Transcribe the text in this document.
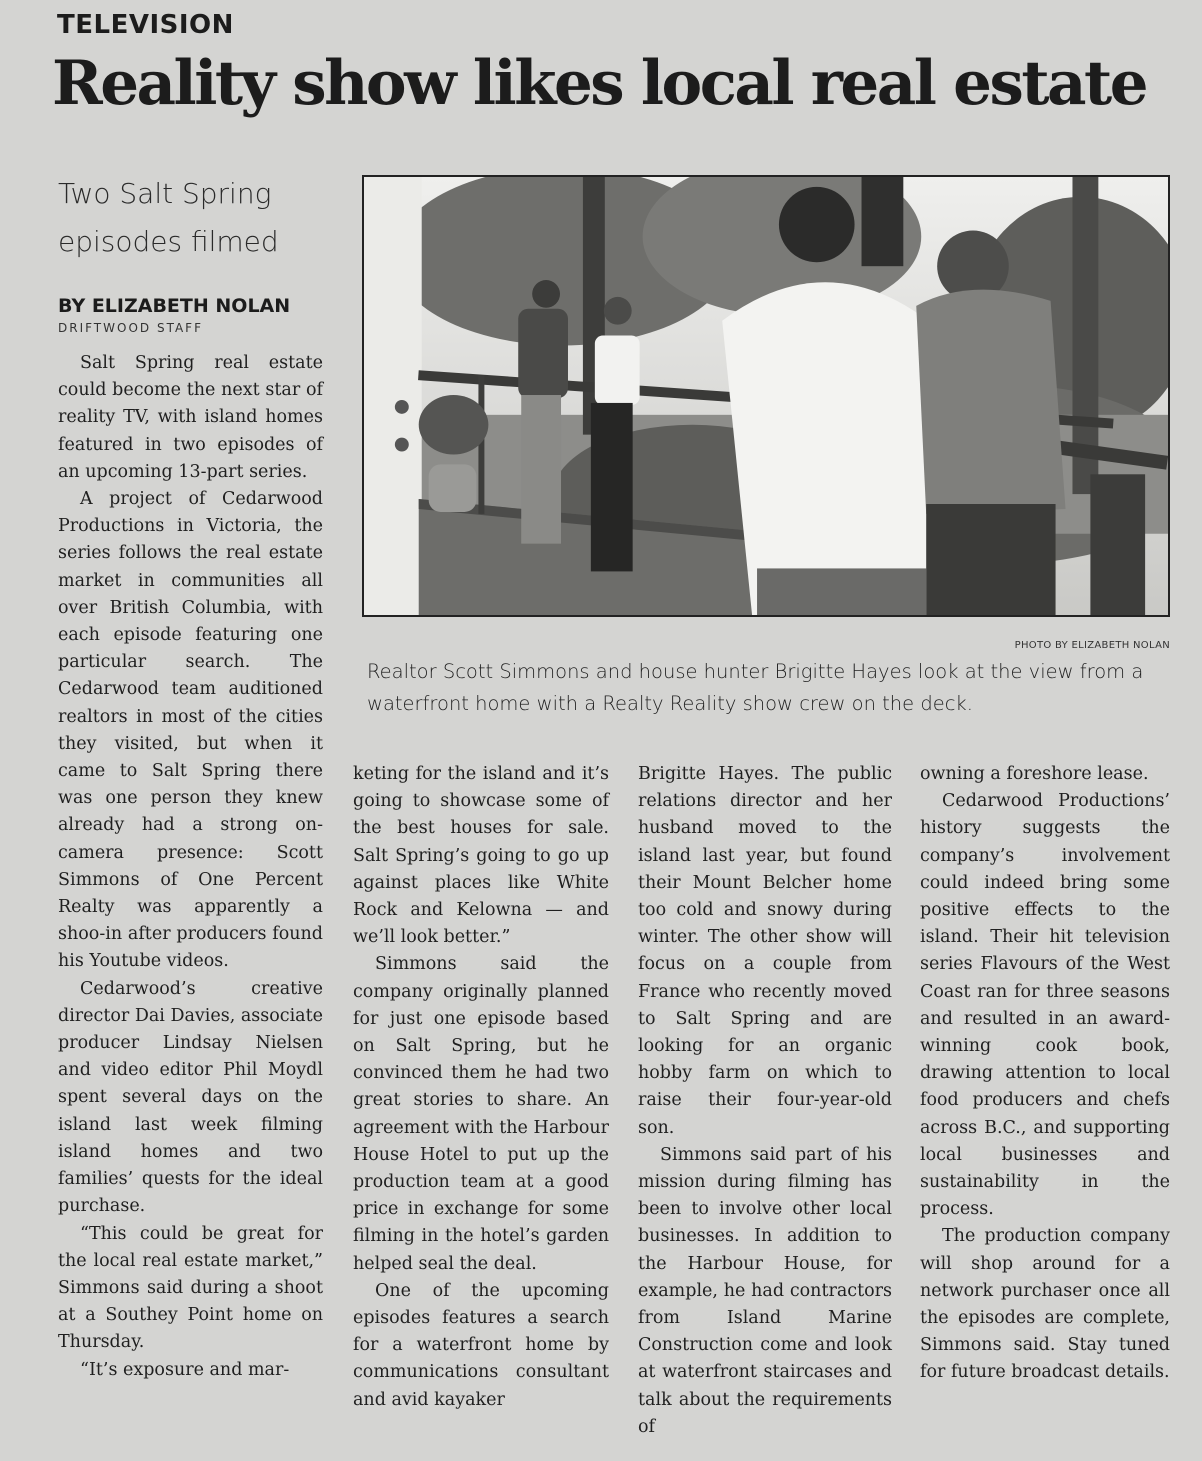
TELEVISION
Reality show likes local real estate

Two Salt Spring episodes filmed

BY ELIZABETH NOLAN
DRIFTWOOD STAFF
PHOTO BY ELIZABETH NOLAN

Realtor Scott Simmons and house hunter Brigitte Hayes look at the view from a waterfront home with a Realty Reality show crew on the deck.

Salt Spring real estate could become the next star of reality TV, with island homes featured in two episodes of an upcoming 13-part series.

A project of Cedarwood Productions in Victoria, the series follows the real estate market in communities all over British Columbia, with each episode featuring one particular search. The Cedarwood team auditioned realtors in most of the cities they visited, but when it came to Salt Spring there was one person they knew already had a strong on-camera presence: Scott Simmons of One Percent Realty was apparently a shoo-in after producers found his Youtube videos.

Cedarwood’s creative director Dai Davies, associate producer Lindsay Nielsen and video editor Phil Moydl spent several days on the island last week filming island homes and two families’ quests for the ideal purchase.

“This could be great for the local real estate market,” Simmons said during a shoot at a Southey Point home on Thursday.

“It’s exposure and mar-

keting for the island and it’s going to showcase some of the best houses for sale. Salt Spring’s going to go up against places like White Rock and Kelowna — and we’ll look better.”

Simmons said the company originally planned for just one episode based on Salt Spring, but he convinced them he had two great stories to share. An agreement with the Harbour House Hotel to put up the production team at a good price in exchange for some filming in the hotel’s garden helped seal the deal.

One of the upcoming episodes features a search for a waterfront home by communications consultant and avid kayaker

Brigitte Hayes. The public relations director and her husband moved to the island last year, but found their Mount Belcher home too cold and snowy during winter. The other show will focus on a couple from France who recently moved to Salt Spring and are looking for an organic hobby farm on which to raise their four-year-old son.

Simmons said part of his mission during filming has been to involve other local businesses. In addition to the Harbour House, for example, he had contractors from Island Marine Construction come and look at waterfront staircases and talk about the requirements of

owning a foreshore lease.

Cedarwood Productions’ history suggests the company’s involvement could indeed bring some positive effects to the island. Their hit television series Flavours of the West Coast ran for three seasons and resulted in an award-winning cook book, drawing attention to local food producers and chefs across B.C., and supporting local businesses and sustainability in the process.

The production company will shop around for a network purchaser once all the episodes are complete, Simmons said. Stay tuned for future broadcast details.
